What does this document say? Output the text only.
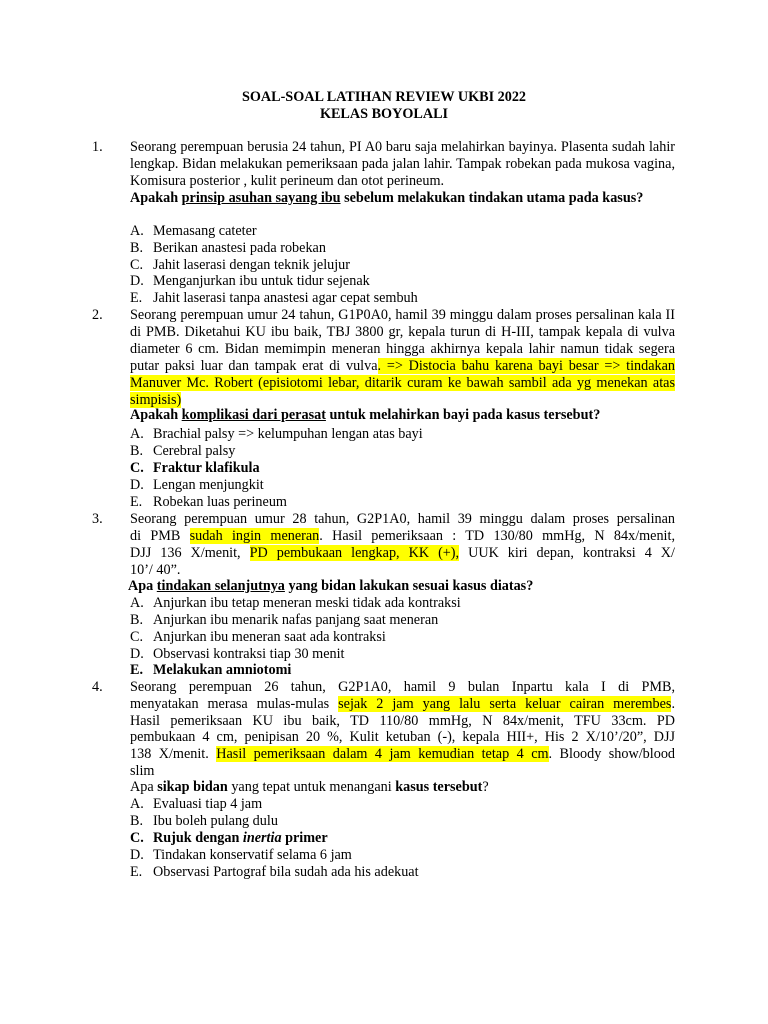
SOAL-SOAL LATIHAN REVIEW UKBI 2022
KELAS BOYOLALI
1. Seorang perempuan berusia 24 tahun, PI A0 baru saja melahirkan bayinya. Plasenta sudah lahir lengkap. Bidan melakukan pemeriksaan pada jalan lahir. Tampak robekan pada mukosa vagina, Komisura posterior , kulit perineum dan otot perineum.
Apakah prinsip asuhan sayang ibu sebelum melakukan tindakan utama pada kasus?
A. Memasang cateter
B. Berikan anastesi pada robekan
C. Jahit laserasi dengan teknik jelujur
D. Menganjurkan ibu untuk tidur sejenak
E. Jahit laserasi tanpa anastesi agar cepat sembuh
2. Seorang perempuan umur 24 tahun, G1P0A0, hamil 39 minggu dalam proses persalinan kala II di PMB. Diketahui KU ibu baik, TBJ 3800 gr, kepala turun di H-III, tampak kepala di vulva diameter 6 cm. Bidan memimpin meneran hingga akhirnya kepala lahir namun tidak segera putar paksi luar dan tampak erat di vulva. => Distocia bahu karena bayi besar => tindakan Manuver Mc. Robert (episiotomi lebar, ditarik curam ke bawah sambil ada yg menekan atas simpisis)
Apakah komplikasi dari perasat untuk melahirkan bayi pada kasus tersebut?
A. Brachial palsy => kelumpuhan lengan atas bayi
B. Cerebral palsy
C. Fraktur klafikula
D. Lengan menjungkit
E. Robekan luas perineum
3. Seorang perempuan umur 28 tahun, G2P1A0, hamil 39 minggu dalam proses persalinan
di PMB sudah ingin meneran. Hasil pemeriksaan : TD 130/80 mmHg, N 84x/menit,
DJJ 136 X/menit, PD pembukaan lengkap, KK (+), UUK kiri depan, kontraksi 4 X/
10’/ 40”.
Apa tindakan selanjutnya yang bidan lakukan sesuai kasus diatas?
A. Anjurkan ibu tetap meneran meski tidak ada kontraksi
B. Anjurkan ibu menarik nafas panjang saat meneran
C. Anjurkan ibu meneran saat ada kontraksi
D. Observasi kontraksi tiap 30 menit
E. Melakukan amniotomi
4. Seorang perempuan 26 tahun, G2P1A0, hamil 9 bulan Inpartu kala I di PMB,
menyatakan merasa mulas-mulas sejak 2 jam yang lalu serta keluar cairan merembes.
Hasil pemeriksaan KU ibu baik, TD 110/80 mmHg, N 84x/menit, TFU 33cm. PD
pembukaan 4 cm, penipisan 20 %, Kulit ketuban (-), kepala HII+, His 2 X/10’/20”, DJJ
138 X/menit. Hasil pemeriksaan dalam 4 jam kemudian tetap 4 cm. Bloody show/blood
slim
Apa sikap bidan yang tepat untuk menangani kasus tersebut?
A. Evaluasi tiap 4 jam
B. Ibu boleh pulang dulu
C. Rujuk dengan inertia primer
D. Tindakan konservatif selama 6 jam
E. Observasi Partograf bila sudah ada his adekuat
